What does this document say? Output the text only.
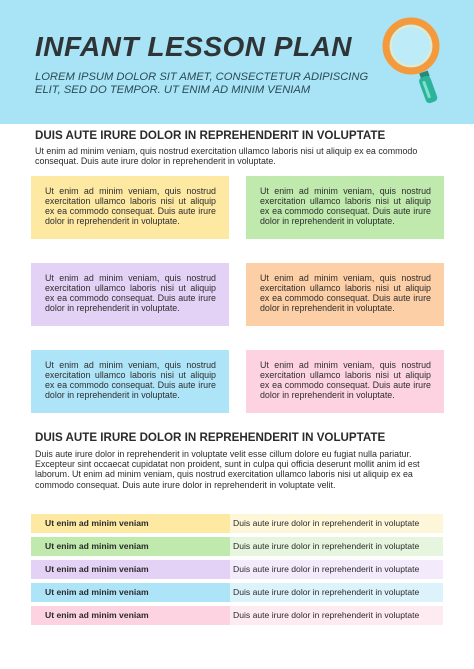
INFANT LESSON PLAN
LOREM IPSUM DOLOR SIT AMET, CONSECTETUR ADIPISCING ELIT, SED DO TEMPOR. UT ENIM AD MINIM VENIAM
DUIS AUTE IRURE DOLOR IN REPREHENDERIT IN VOLUPTATE
Ut enim ad minim veniam, quis nostrud exercitation ullamco laboris nisi ut aliquip ex ea commodo consequat. Duis aute irure dolor in reprehenderit in voluptate.
Ut enim ad minim veniam, quis nostrud exercitation ullamco laboris nisi ut aliquip ex ea commodo consequat. Duis aute irure dolor in reprehenderit in voluptate.
Ut enim ad minim veniam, quis nostrud exercitation ullamco laboris nisi ut aliquip ex ea commodo consequat. Duis aute irure dolor in reprehenderit in voluptate.
Ut enim ad minim veniam, quis nostrud exercitation ullamco laboris nisi ut aliquip ex ea commodo consequat. Duis aute irure dolor in reprehenderit in voluptate.
Ut enim ad minim veniam, quis nostrud exercitation ullamco laboris nisi ut aliquip ex ea commodo consequat. Duis aute irure dolor in reprehenderit in voluptate.
Ut enim ad minim veniam, quis nostrud exercitation ullamco laboris nisi ut aliquip ex ea commodo consequat. Duis aute irure dolor in reprehenderit in voluptate.
Ut enim ad minim veniam, quis nostrud exercitation ullamco laboris nisi ut aliquip ex ea commodo consequat. Duis aute irure dolor in reprehenderit in voluptate.
DUIS AUTE IRURE DOLOR IN REPREHENDERIT IN VOLUPTATE
Duis aute irure dolor in reprehenderit in voluptate velit esse cillum dolore eu fugiat nulla pariatur. Excepteur sint occaecat cupidatat non proident, sunt in culpa qui officia deserunt mollit anim id est laborum. Ut enim ad minim veniam, quis nostrud exercitation ullamco laboris nisi ut aliquip ex ea commodo consequat. Duis aute irure dolor in reprehenderit in voluptate velit.
Ut enim ad minim veniam	Duis aute irure dolor in reprehenderit in voluptate
Ut enim ad minim veniam	Duis aute irure dolor in reprehenderit in voluptate
Ut enim ad minim veniam	Duis aute irure dolor in reprehenderit in voluptate
Ut enim ad minim veniam	Duis aute irure dolor in reprehenderit in voluptate
Ut enim ad minim veniam	Duis aute irure dolor in reprehenderit in voluptate
